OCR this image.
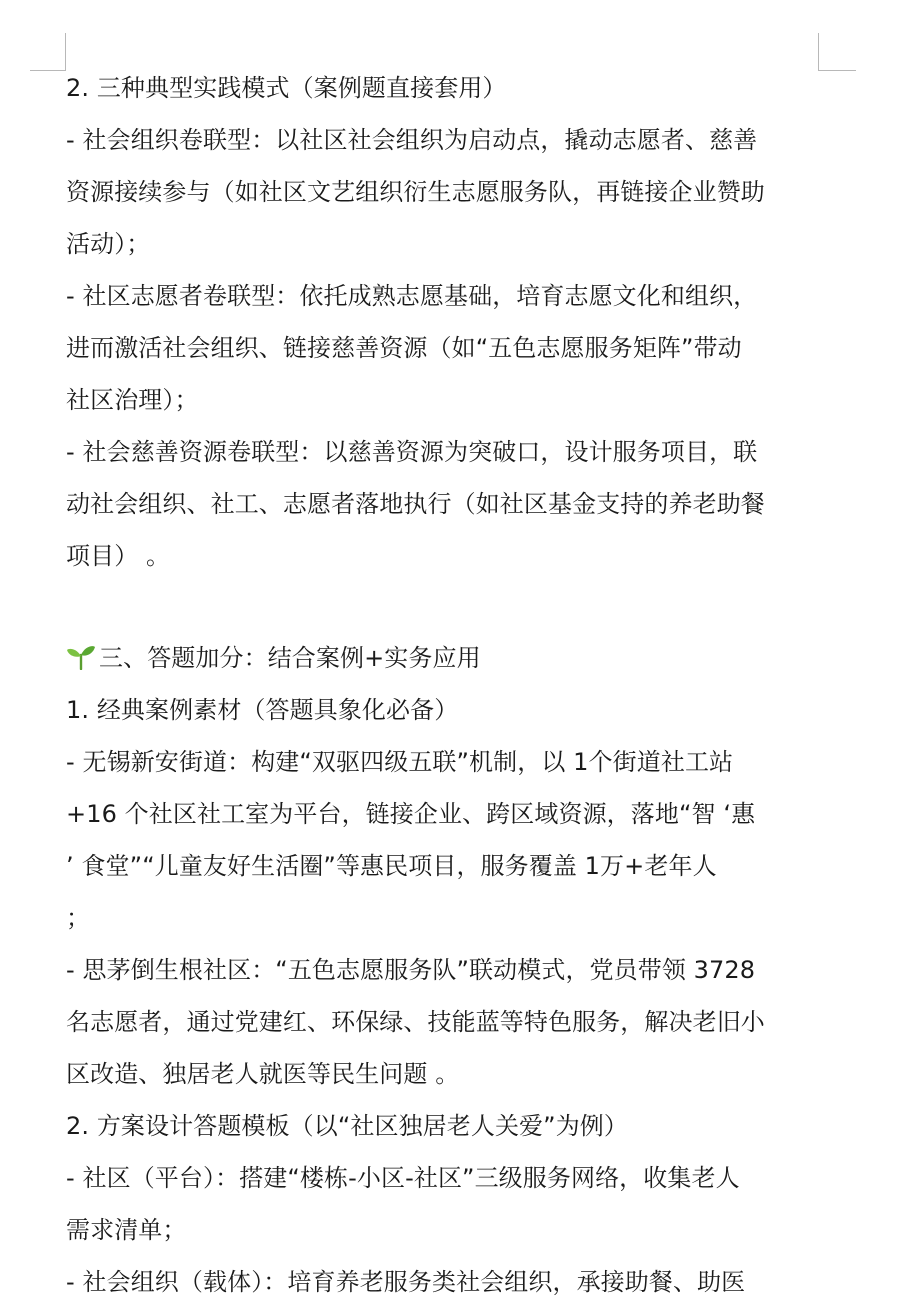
2. 三种典型实践模式（案例题直接套用）
- 社会组织卷联型：以社区社会组织为启动点，撬动志愿者、慈善
资源接续参与（如社区文艺组织衍生志愿服务队，再链接企业赞助
活动）；
- 社区志愿者卷联型：依托成熟志愿基础，培育志愿文化和组织，
进而激活社会组织、链接慈善资源（如“五色志愿服务矩阵”带动
社区治理）；
- 社会慈善资源卷联型：以慈善资源为突破口，设计服务项目，联
动社会组织、社工、志愿者落地执行（如社区基金支持的养老助餐
项目） 。
三、答题加分：结合案例+实务应用
1. 经典案例素材（答题具象化必备）
- 无锡新安街道：构建“双驱四级五联”机制，以 1个街道社工站
+16 个社区社工室为平台，链接企业、跨区域资源，落地“智 ‘惠
’ 食堂”“儿童友好生活圈”等惠民项目，服务覆盖 1万+老年人
；
- 思茅倒生根社区：“五色志愿服务队”联动模式，党员带领 3728
名志愿者，通过党建红、环保绿、技能蓝等特色服务，解决老旧小
区改造、独居老人就医等民生问题 。
2. 方案设计答题模板（以“社区独居老人关爱”为例）
- 社区（平台）：搭建“楼栋-小区-社区”三级服务网络，收集老人
需求清单；
- 社会组织（载体）：培育养老服务类社会组织，承接助餐、助医
